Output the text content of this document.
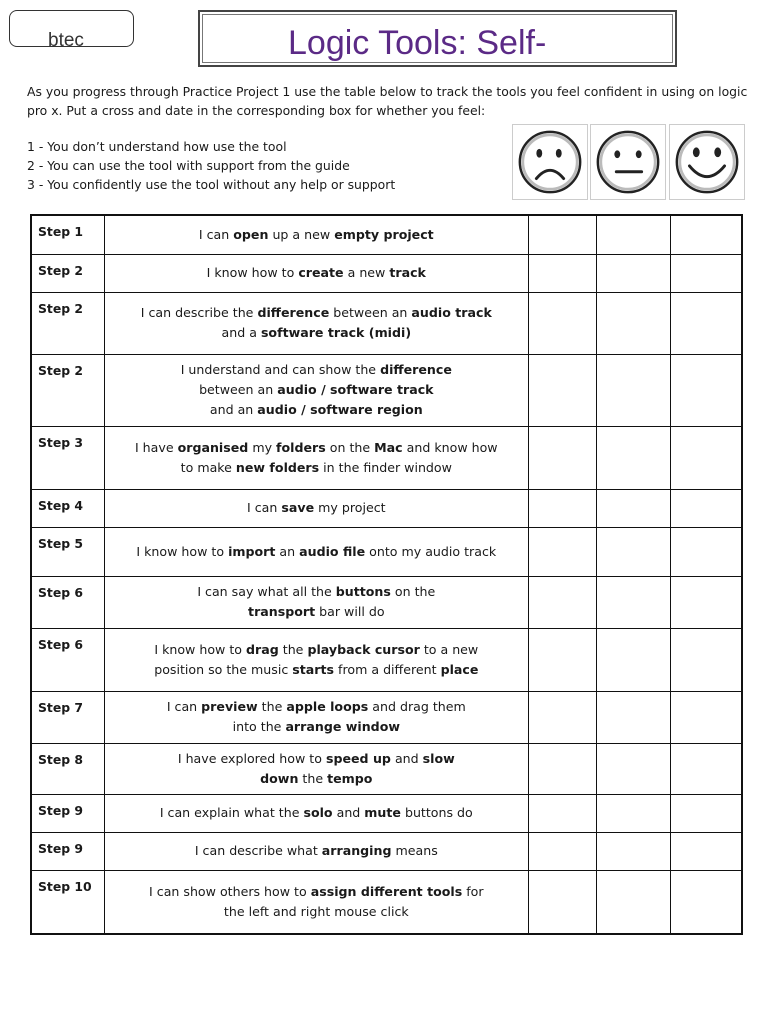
btec	Logic Tools: Self-

As you progress through Practice Project 1 use the table below to track the tools you feel confident in using on logic pro x. Put a cross and date in the corresponding box for whether you feel:

1 - You don’t understand how use the tool
2 - You can use the tool with support from the guide
3 - You confidently use the tool without any help or support
Step 1	I can open up a new empty project			

Step 2	I know how to create a new track			

Step 2	I can describe the difference between an audio track
and a software track (midi)			

Step 2	I understand and can show the difference
between an audio / software track
and an audio / software region			

Step 3	I have organised my folders on the Mac and know how
to make new folders in the finder window			

Step 4	I can save my project			

Step 5	I know how to import an audio file onto my audio track			

Step 6	I can say what all the buttons on the
transport bar will do			

Step 6	I know how to drag the playback cursor to a new
position so the music starts from a different place			

Step 7	I can preview the apple loops and drag them
into the arrange window			

Step 8	I have explored how to speed up and slow
down the tempo			

Step 9	I can explain what the solo and mute buttons do			

Step 9	I can describe what arranging means			

Step 10	I can show others how to assign different tools for
the left and right mouse click			
